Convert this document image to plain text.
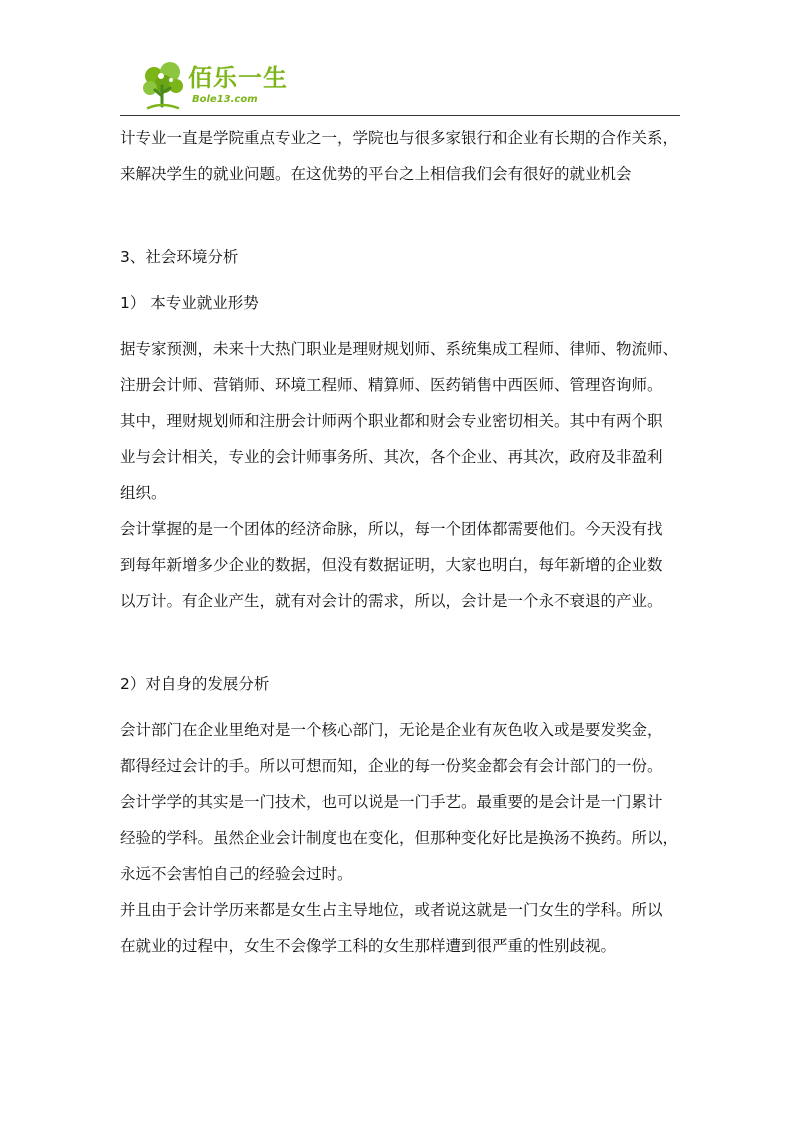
佰乐一生
Bole13.com
计专业一直是学院重点专业之一，学院也与很多家银行和企业有长期的合作关系，
来解决学生的就业问题。在这优势的平台之上相信我们会有很好的就业机会
3、社会环境分析
1） 本专业就业形势
据专家预测，未来十大热门职业是理财规划师、系统集成工程师、律师、物流师、
注册会计师、营销师、环境工程师、精算师、医药销售中西医师、管理咨询师。
其中，理财规划师和注册会计师两个职业都和财会专业密切相关。其中有两个职
业与会计相关，专业的会计师事务所、其次，各个企业、再其次，政府及非盈利
组织。
会计掌握的是一个团体的经济命脉，所以，每一个团体都需要他们。今天没有找
到每年新增多少企业的数据，但没有数据证明，大家也明白，每年新增的企业数
以万计。有企业产生，就有对会计的需求，所以，会计是一个永不衰退的产业。
2）对自身的发展分析
会计部门在企业里绝对是一个核心部门，无论是企业有灰色收入或是要发奖金，
都得经过会计的手。所以可想而知，企业的每一份奖金都会有会计部门的一份。
会计学学的其实是一门技术，也可以说是一门手艺。最重要的是会计是一门累计
经验的学科。虽然企业会计制度也在变化，但那种变化好比是换汤不换药。所以，
永远不会害怕自己的经验会过时。
并且由于会计学历来都是女生占主导地位，或者说这就是一门女生的学科。所以
在就业的过程中，女生不会像学工科的女生那样遭到很严重的性别歧视。
